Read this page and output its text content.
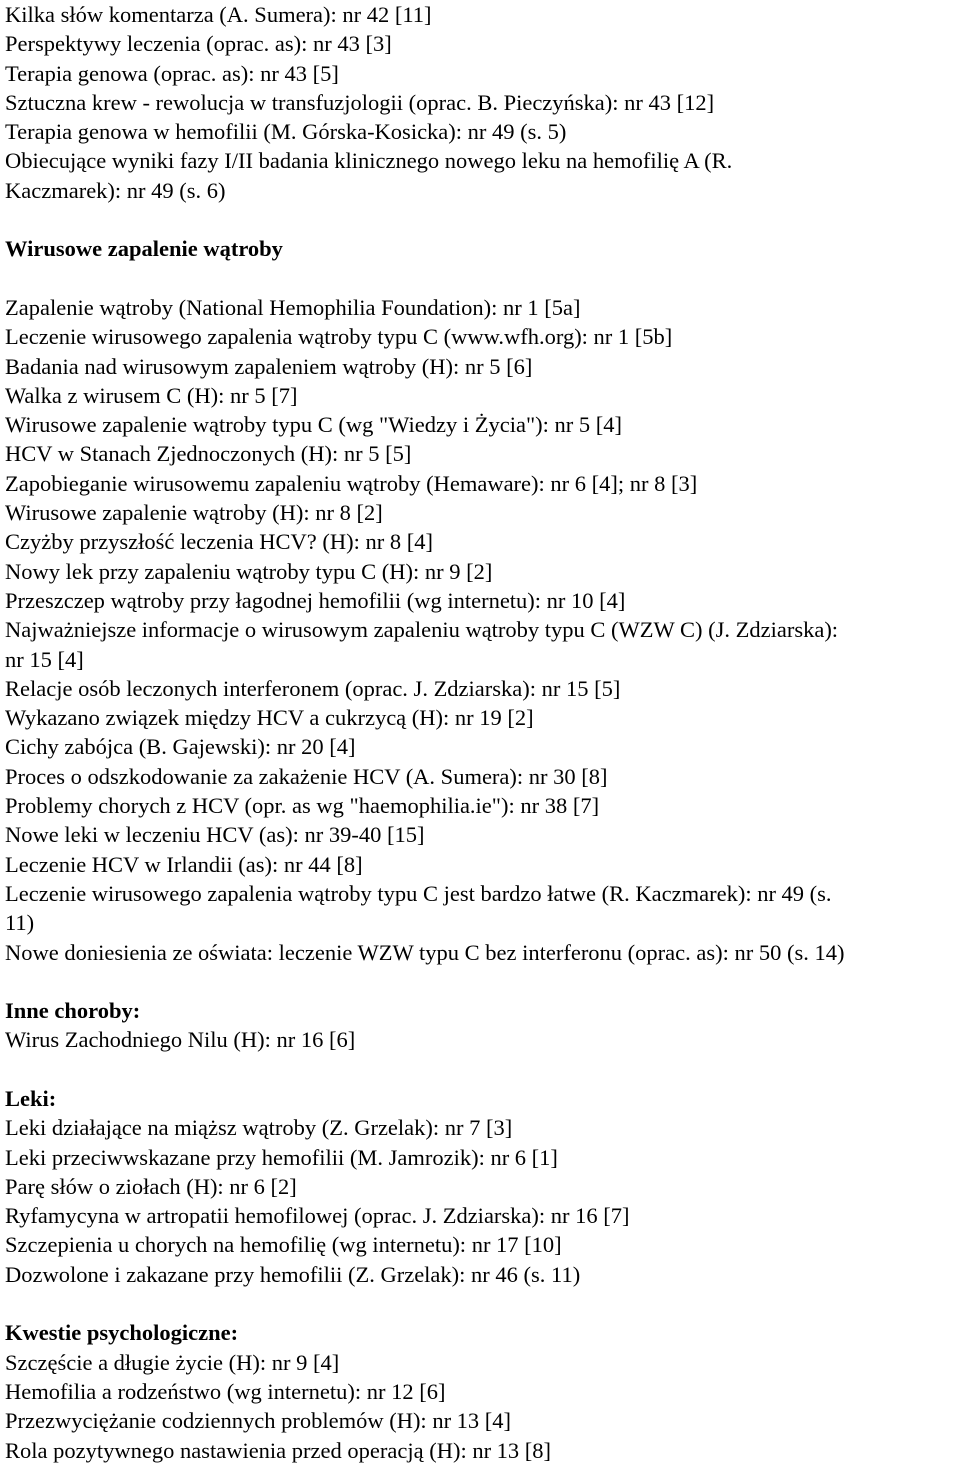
Kilka słów komentarza (A. Sumera): nr 42 [11]
Perspektywy leczenia (oprac. as): nr 43 [3]
Terapia genowa (oprac. as): nr 43 [5]
Sztuczna krew - rewolucja w transfuzjologii (oprac. B. Pieczyńska): nr 43 [12]
Terapia genowa w hemofilii (M. Górska-Kosicka): nr 49 (s. 5)
Obiecujące wyniki fazy I/II badania klinicznego nowego leku na hemofilię A (R.
Kaczmarek): nr 49 (s. 6)
Wirusowe zapalenie wątroby
Zapalenie wątroby (National Hemophilia Foundation): nr 1 [5a]
Leczenie wirusowego zapalenia wątroby typu C (www.wfh.org): nr 1 [5b]
Badania nad wirusowym zapaleniem wątroby (H): nr 5 [6]
Walka z wirusem C (H): nr 5 [7]
Wirusowe zapalenie wątroby typu C (wg "Wiedzy i Życia"): nr 5 [4]
HCV w Stanach Zjednoczonych (H): nr 5 [5]
Zapobieganie wirusowemu zapaleniu wątroby (Hemaware): nr 6 [4]; nr 8 [3]
Wirusowe zapalenie wątroby (H): nr 8 [2]
Czyżby przyszłość leczenia HCV? (H): nr 8 [4]
Nowy lek przy zapaleniu wątroby typu C (H): nr 9 [2]
Przeszczep wątroby przy łagodnej hemofilii (wg internetu): nr 10 [4]
Najważniejsze informacje o wirusowym zapaleniu wątroby typu C (WZW C) (J. Zdziarska):
nr 15 [4]
Relacje osób leczonych interferonem (oprac. J. Zdziarska): nr 15 [5]
Wykazano związek między HCV a cukrzycą (H): nr 19 [2]
Cichy zabójca (B. Gajewski): nr 20 [4]
Proces o odszkodowanie za zakażenie HCV (A. Sumera): nr 30 [8]
Problemy chorych z HCV (opr. as wg "haemophilia.ie"): nr 38 [7]
Nowe leki w leczeniu HCV (as): nr 39-40 [15]
Leczenie HCV w Irlandii (as): nr 44 [8]
Leczenie wirusowego zapalenia wątroby typu C jest bardzo łatwe (R. Kaczmarek): nr 49 (s.
11)
Nowe doniesienia ze oświata: leczenie WZW typu C bez interferonu (oprac. as): nr 50 (s. 14)
Inne choroby:
Wirus Zachodniego Nilu (H): nr 16 [6]
Leki:
Leki działające na miąższ wątroby (Z. Grzelak): nr 7 [3]
Leki przeciwwskazane przy hemofilii (M. Jamrozik): nr 6 [1]
Parę słów o ziołach (H): nr 6 [2]
Ryfamycyna w artropatii hemofilowej (oprac. J. Zdziarska): nr 16 [7]
Szczepienia u chorych na hemofilię (wg internetu): nr 17 [10]
Dozwolone i zakazane przy hemofilii (Z. Grzelak): nr 46 (s. 11)
Kwestie psychologiczne:
Szczęście a długie życie (H): nr 9 [4]
Hemofilia a rodzeństwo (wg internetu): nr 12 [6]
Przezwyciężanie codziennych problemów (H): nr 13 [4]
Rola pozytywnego nastawienia przed operacją (H): nr 13 [8]
